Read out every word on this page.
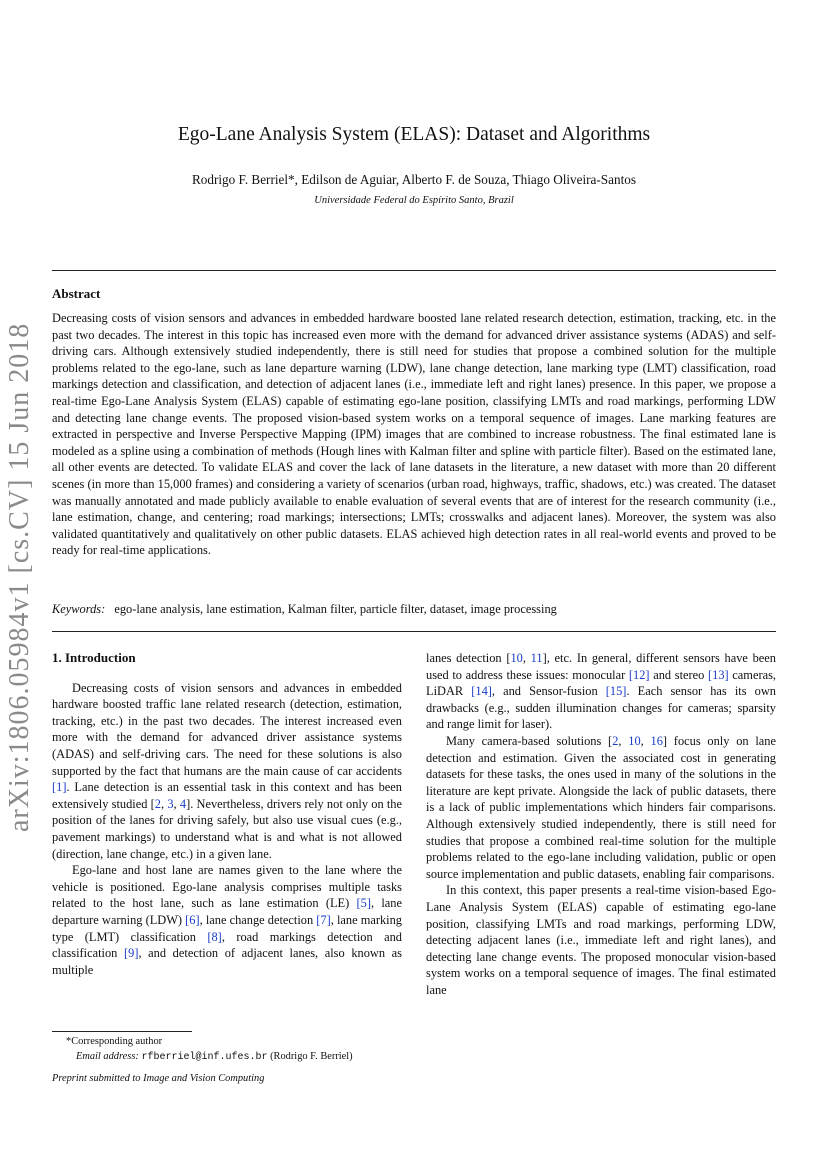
arXiv:1806.05984v1 [cs.CV] 15 Jun 2018
Ego-Lane Analysis System (ELAS): Dataset and Algorithms
Rodrigo F. Berriel*, Edilson de Aguiar, Alberto F. de Souza, Thiago Oliveira-Santos
Universidade Federal do Espírito Santo, Brazil
Abstract
Decreasing costs of vision sensors and advances in embedded hardware boosted lane related research detection, estimation, tracking, etc. in the past two decades. The interest in this topic has increased even more with the demand for advanced driver assistance systems (ADAS) and self-driving cars. Although extensively studied independently, there is still need for studies that propose a combined solution for the multiple problems related to the ego-lane, such as lane departure warning (LDW), lane change detection, lane marking type (LMT) classification, road markings detection and classification, and detection of adjacent lanes (i.e., immediate left and right lanes) presence. In this paper, we propose a real-time Ego-Lane Analysis System (ELAS) capable of estimating ego-lane position, classifying LMTs and road markings, performing LDW and detecting lane change events. The proposed vision-based system works on a temporal sequence of images. Lane marking features are extracted in perspective and Inverse Perspective Mapping (IPM) images that are combined to increase robustness. The final estimated lane is modeled as a spline using a combination of methods (Hough lines with Kalman filter and spline with particle filter). Based on the estimated lane, all other events are detected. To validate ELAS and cover the lack of lane datasets in the literature, a new dataset with more than 20 different scenes (in more than 15,000 frames) and considering a variety of scenarios (urban road, highways, traffic, shadows, etc.) was created. The dataset was manually annotated and made publicly available to enable evaluation of several events that are of interest for the research community (i.e., lane estimation, change, and centering; road markings; intersections; LMTs; crosswalks and adjacent lanes). Moreover, the system was also validated quantitatively and qualitatively on other public datasets. ELAS achieved high detection rates in all real-world events and proved to be ready for real-time applications.
Keywords: ego-lane analysis, lane estimation, Kalman filter, particle filter, dataset, image processing
1. Introduction

Decreasing costs of vision sensors and advances in embedded hardware boosted traffic lane related research (detection, estimation, tracking, etc.) in the past two decades. The interest increased even more with the demand for advanced driver assistance systems (ADAS) and self-driving cars. The need for these solutions is also supported by the fact that humans are the main cause of car accidents [1]. Lane detection is an essential task in this context and has been extensively studied [2, 3, 4]. Nevertheless, drivers rely not only on the position of the lanes for driving safely, but also use visual cues (e.g., pavement markings) to understand what is and what is not allowed (direction, lane change, etc.) in a given lane.

Ego-lane and host lane are names given to the lane where the vehicle is positioned. Ego-lane analysis comprises multiple tasks related to the host lane, such as lane estimation (LE) [5], lane departure warning (LDW) [6], lane change detection [7], lane marking type (LMT) classification [8], road markings detection and classification [9], and detection of adjacent lanes, also known as multiple

lanes detection [10, 11], etc. In general, different sensors have been used to address these issues: monocular [12] and stereo [13] cameras, LiDAR [14], and Sensor-fusion [15]. Each sensor has its own drawbacks (e.g., sudden illumination changes for cameras; sparsity and range limit for laser).

Many camera-based solutions [2, 10, 16] focus only on lane detection and estimation. Given the associated cost in generating datasets for these tasks, the ones used in many of the solutions in the literature are kept private. Alongside the lack of public datasets, there is a lack of public implementations which hinders fair comparisons. Although extensively studied independently, there is still need for studies that propose a combined real-time solution for the multiple problems related to the ego-lane including validation, public or open source implementation and public datasets, enabling fair comparisons.

In this context, this paper presents a real-time vision-based Ego-Lane Analysis System (ELAS) capable of estimating ego-lane position, classifying LMTs and road markings, performing LDW, detecting adjacent lanes (i.e., immediate left and right lanes), and detecting lane change events. The proposed monocular vision-based system works on a temporal sequence of images. The final estimated lane

*Corresponding author
Email address: rfberriel@inf.ufes.br (Rodrigo F. Berriel)
Preprint submitted to Image and Vision Computing
